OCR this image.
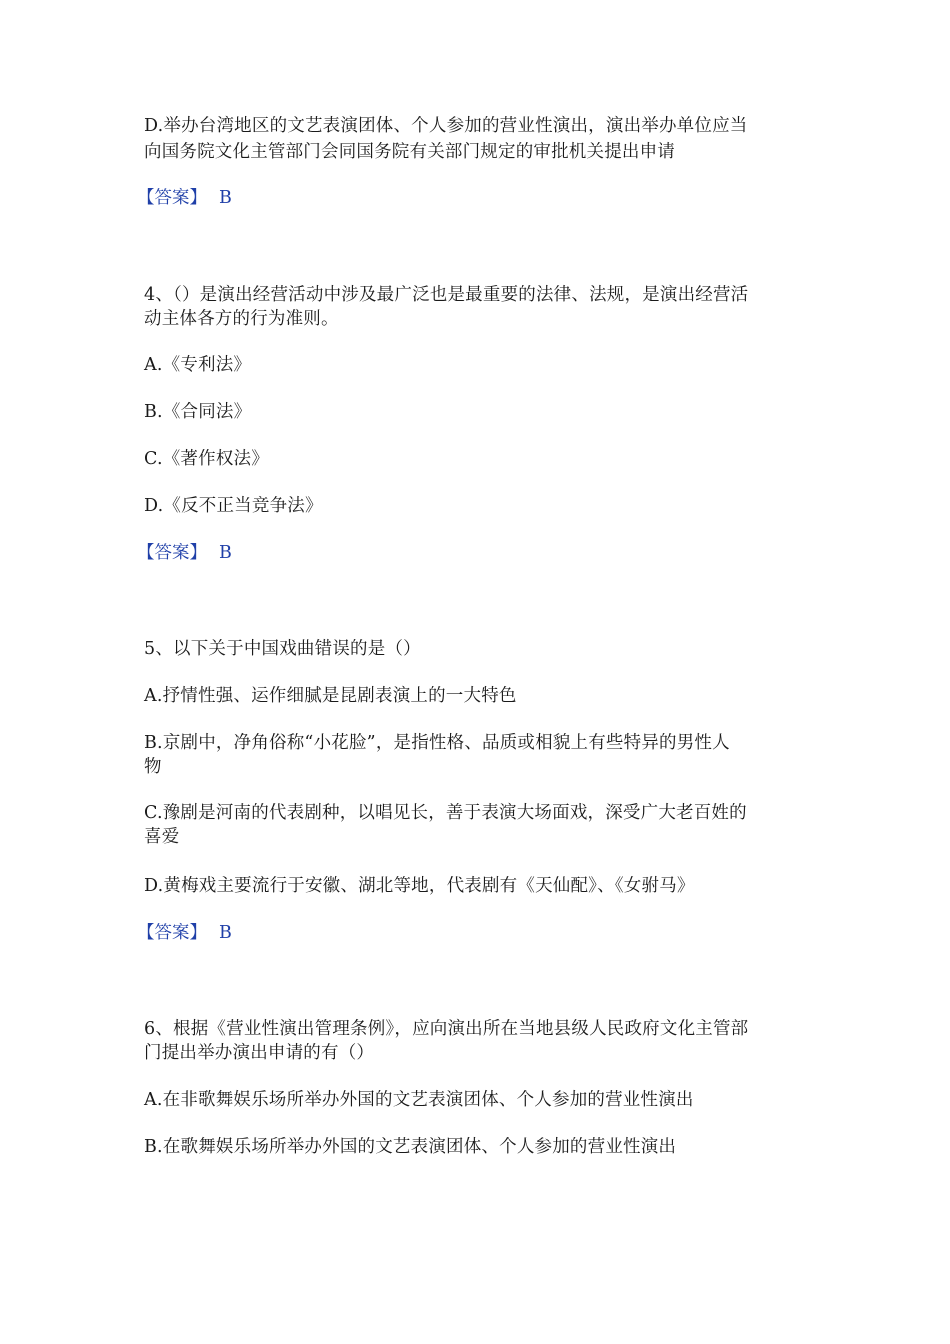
D.举办台湾地区的文艺表演团体、个人参加的营业性演出，演出举办单位应当
向国务院文化主管部门会同国务院有关部门规定的审批机关提出申请
【答案】 B
4、（）是演出经营活动中涉及最广泛也是最重要的法律、法规，是演出经营活
动主体各方的行为准则。
A.《专利法》
B.《合同法》
C.《著作权法》
D.《反不正当竞争法》
【答案】 B
5、以下关于中国戏曲错误的是（）
A.抒情性强、运作细腻是昆剧表演上的一大特色
B.京剧中，净角俗称“小花脸”，是指性格、品质或相貌上有些特异的男性人
物
C.豫剧是河南的代表剧种，以唱见长，善于表演大场面戏，深受广大老百姓的
喜爱
D.黄梅戏主要流行于安徽、湖北等地，代表剧有《天仙配》、《女驸马》
【答案】 B
6、根据《营业性演出管理条例》，应向演出所在当地县级人民政府文化主管部
门提出举办演出申请的有（）
A.在非歌舞娱乐场所举办外国的文艺表演团体、个人参加的营业性演出
B.在歌舞娱乐场所举办外国的文艺表演团体、个人参加的营业性演出
